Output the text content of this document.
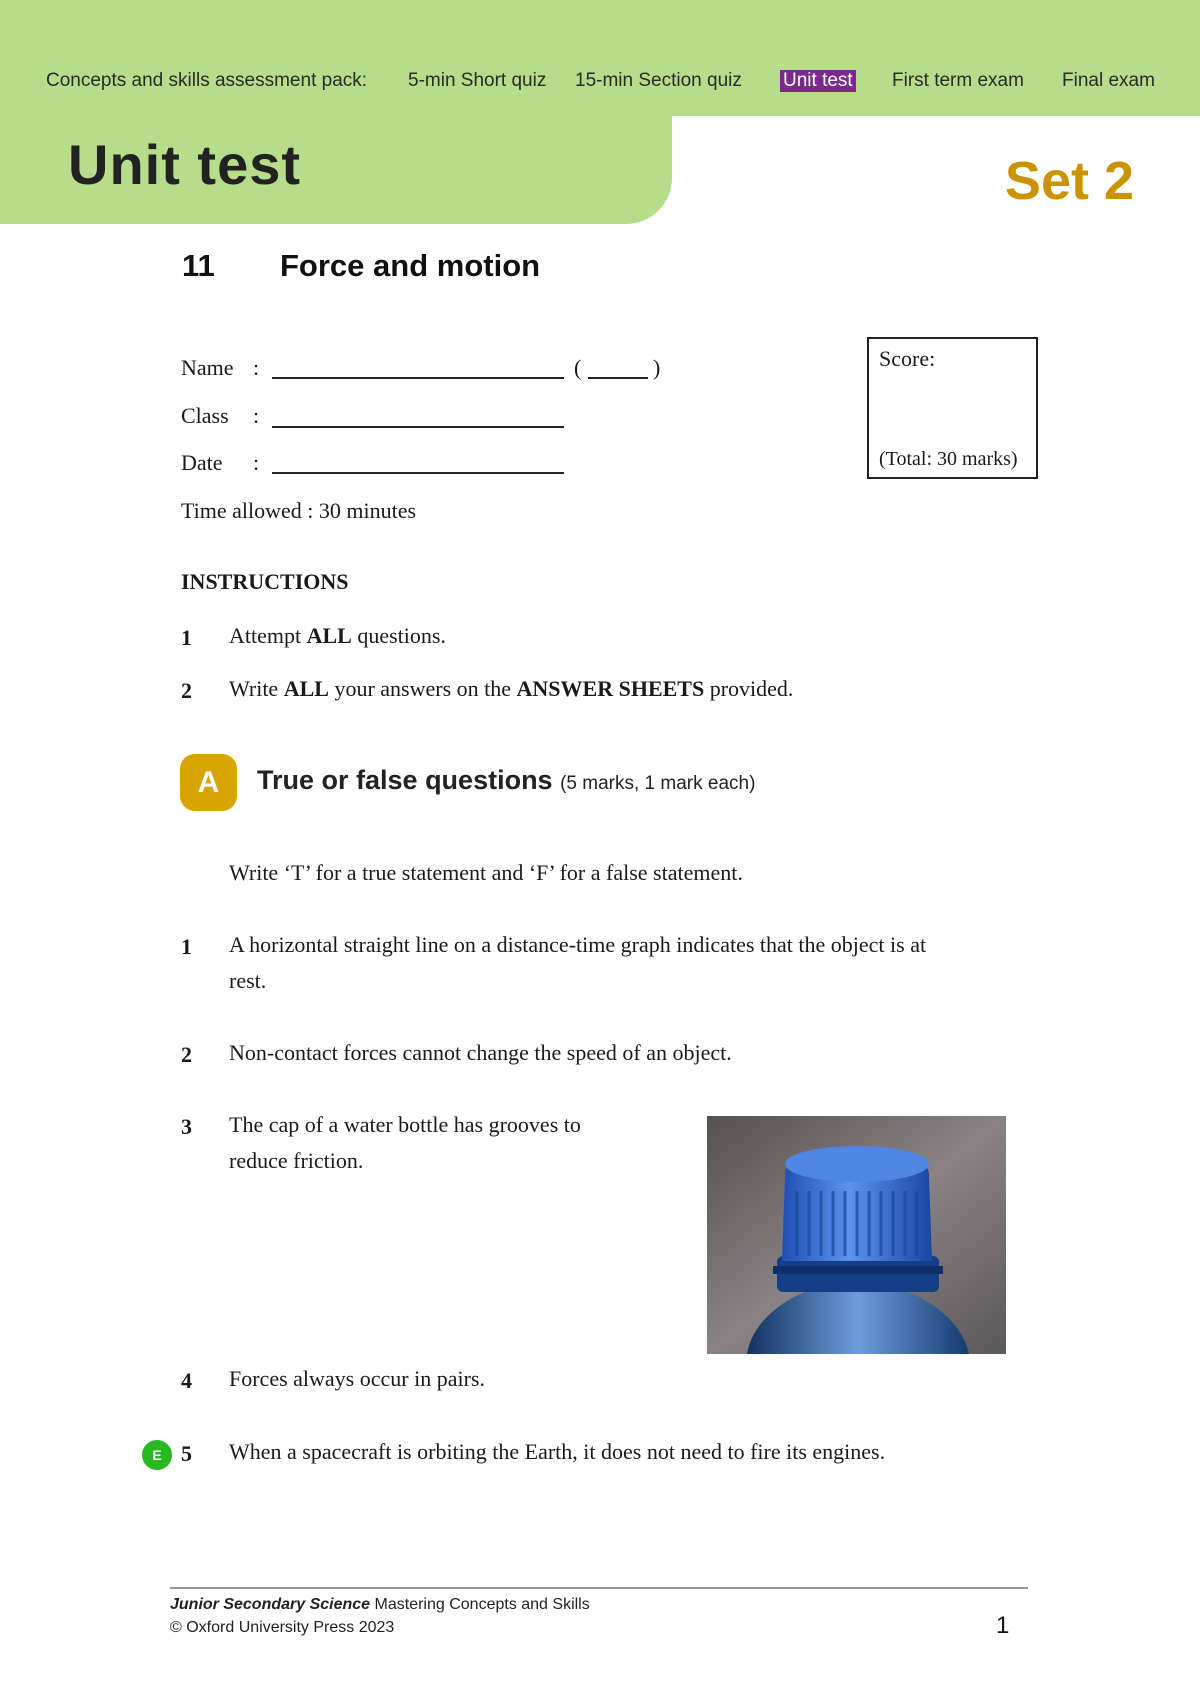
Concepts and skills assessment pack: 5-min Short quiz 15-min Section quiz Unit test First term exam Final exam
Unit test	Set 2
11 Force and motion
Name :	(	)
Class :
Date :
Time allowed : 30 minutes
Score:
(Total: 30 marks)
INSTRUCTIONS
1 Attempt ALL questions.
2 Write ALL your answers on the ANSWER SHEETS provided.
A	True or false questions (5 marks, 1 mark each)
Write ‘T’ for a true statement and ‘F’ for a false statement.
1 A horizontal straight line on a distance-time graph indicates that the object is at
rest.
2 Non-contact forces cannot change the speed of an object.
3 The cap of a water bottle has grooves to
reduce friction.
4 Forces always occur in pairs.
E 5 When a spacecraft is orbiting the Earth, it does not need to fire its engines.
Junior Secondary Science Mastering Concepts and Skills
© Oxford University Press 2023	1
